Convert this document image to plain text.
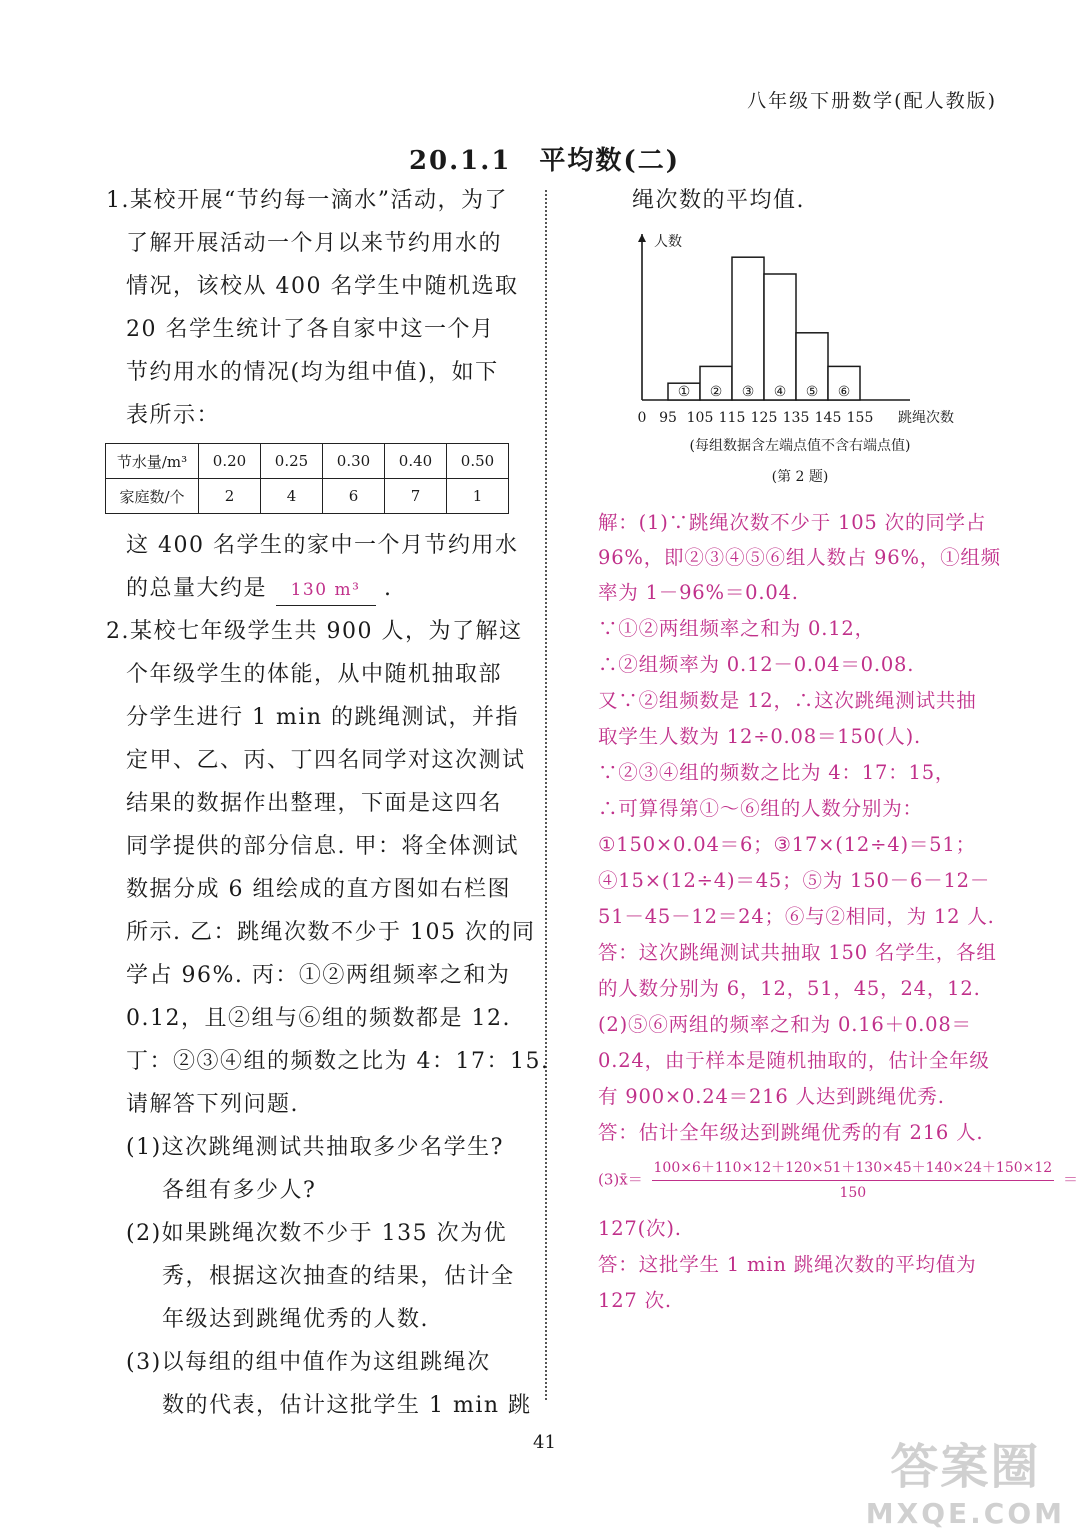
八年级下册数学(配人教版)
20.1.1　平均数(二)
1.某校开展“节约每一滴水”活动，为了
了解开展活动一个月以来节约用水的
情况，该校从 400 名学生中随机选取
20 名学生统计了各自家中这一个月
节约用水的情况(均为组中值)，如下
表所示：
节水量/m³	0.20	0.25	0.30	0.40	0.50
家庭数/个	2	4	6	7	1
这 400 名学生的家中一个月节约用水
的总量大约是 130 m³ .
2.某校七年级学生共 900 人，为了解这
个年级学生的体能，从中随机抽取部
分学生进行 1 min 的跳绳测试，并指
定甲、乙、丙、丁四名同学对这次测试
结果的数据作出整理，下面是这四名
同学提供的部分信息. 甲：将全体测试
数据分成 6 组绘成的直方图如右栏图
所示. 乙：跳绳次数不少于 105 次的同
学占 96%. 丙：①②两组频率之和为
0.12，且②组与⑥组的频数都是 12.
丁：②③④组的频数之比为 4：17：15.
请解答下列问题.
(1)这次跳绳测试共抽取多少名学生?
各组有多少人?
(2)如果跳绳次数不少于 135 次为优
秀，根据这次抽查的结果，估计全
年级达到跳绳优秀的人数.
(3)以每组的组中值作为这组跳绳次
数的代表，估计这批学生 1 min 跳
绳次数的平均值.
① ② ③ ④ ⑤ ⑥
0 95 105 115 125 135 145 155
人数
跳绳次数
(每组数据含左端点值不含右端点值)
(第 2 题)
解：(1)∵跳绳次数不少于 105 次的同学占
96%，即②③④⑤⑥组人数占 96%，①组频
率为 1－96%＝0.04.
∵①②两组频率之和为 0.12，
∴②组频率为 0.12－0.04＝0.08.
又∵②组频数是 12，∴这次跳绳测试共抽
取学生人数为 12÷0.08＝150(人).
∵②③④组的频数之比为 4：17：15，
∴可算得第①～⑥组的人数分别为：
①150×0.04＝6；③17×(12÷4)＝51；
④15×(12÷4)＝45；⑤为 150－6－12－
51－45－12＝24；⑥与②相同，为 12 人.
答：这次跳绳测试共抽取 150 名学生，各组
的人数分别为 6，12，51，45，24，12.
(2)⑤⑥两组的频率之和为 0.16＋0.08＝
0.24，由于样本是随机抽取的，估计全年级
有 900×0.24＝216 人达到跳绳优秀.
答：估计全年级达到跳绳优秀的有 216 人.
(3)x̄＝ $\frac{100\times 6+110\times 12+120\times 51+130\times 45+140\times 24+150\times 12}{150}$ ＝
127(次).
答：这批学生 1 min 跳绳次数的平均值为
127 次.
41	答案圈
MXQE.COM
